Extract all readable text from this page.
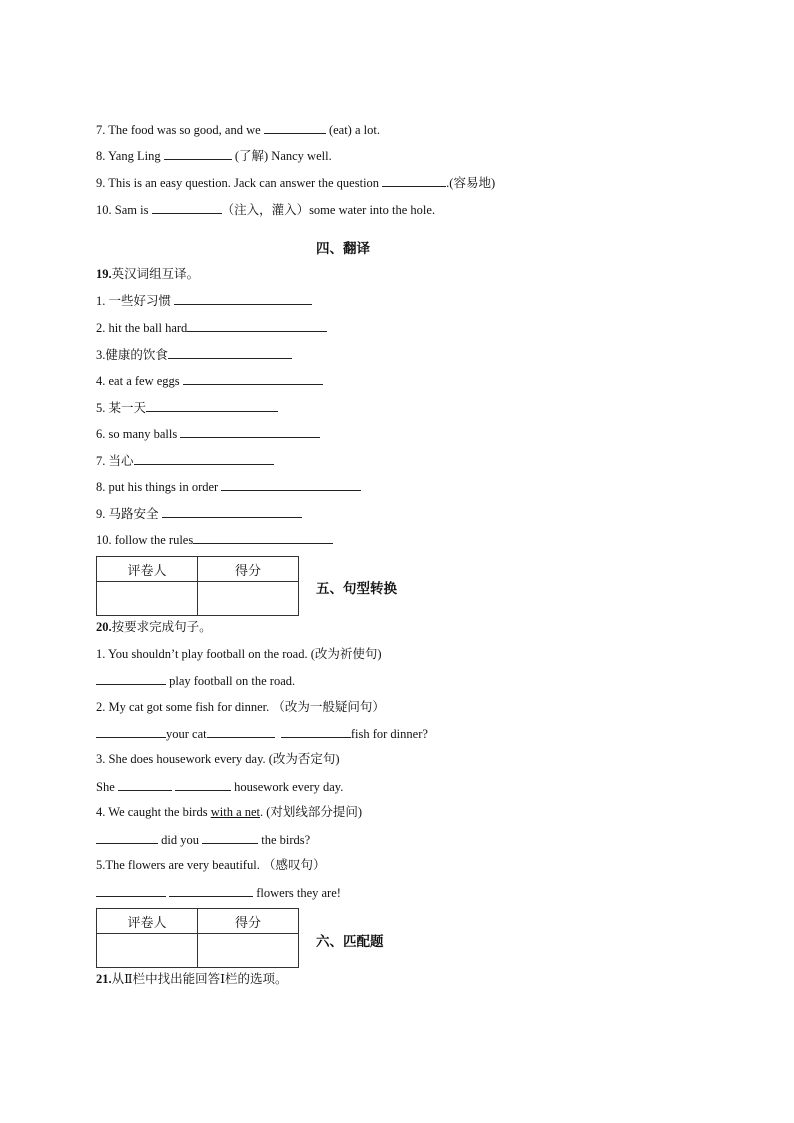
7. The food was so good, and we	(eat) a lot.
8. Yang Ling	(了解) Nancy well.
9. This is an easy question. Jack can answer the question	.(容易地)
10. Sam is	（注入，灌入）some water into the hole.
四、翻译
19.英汉词组互译。
1. 一些好习惯
2. hit the ball hard
3.健康的饮食
4. eat a few eggs
5. 某一天
6. so many balls
7. 当心
8. put his things in order
9. 马路安全
10. follow the rules
评卷人	得分

五、句型转换
20.按要求完成句子。
1. You shouldn’t play football on the road. (改为祈使句)
play football on the road.
2. My cat got some fish for dinner. （改为一般疑问句）
your cat	fish for dinner?
3. She does housework every day. (改为否定句)
She	housework every day.
4. We caught the birds with a net. (对划线部分提问)
did you	the birds?
5.The flowers are very beautiful. （感叹句）
flowers they are!
评卷人	得分

六、匹配题
21.从Ⅱ栏中找出能回答Ⅰ栏的选项。
